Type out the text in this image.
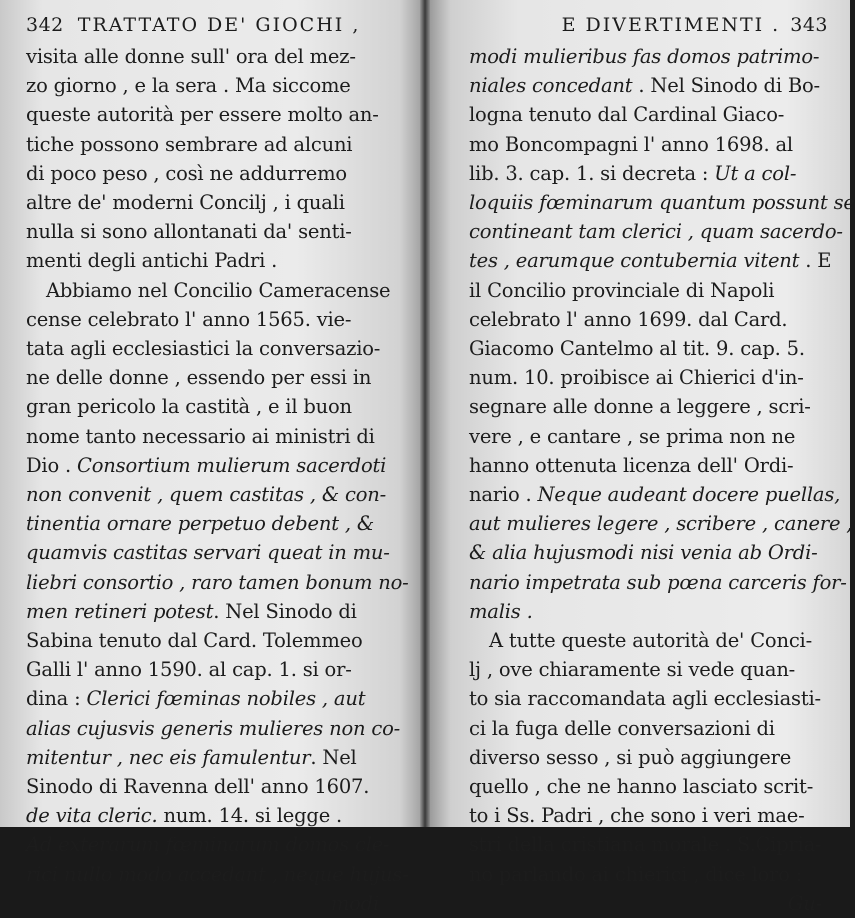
342 TRATTATO DE' GIOCHI ,
visita alle donne sull' ora del mez-
zo giorno , e la sera . Ma siccome
queste autorità per essere molto an-
tiche possono sembrare ad alcuni
di poco peso , così ne addurremo
altre de' moderni Concilj , i quali
nulla si sono allontanati da' senti-
menti degli antichi Padri .
Abbiamo nel Concilio Cameracense
cense celebrato l' anno 1565. vie-
tata agli ecclesiastici la conversazio-
ne delle donne , essendo per essi in
gran pericolo la castità , e il buon
nome tanto necessario ai ministri di
Dio . Consortium mulierum sacerdoti
non convenit , quem castitas , & con-
tinentia ornare perpetuo debent , &
quamvis castitas servari queat in mu-
liebri consortio , raro tamen bonum no-
men retineri potest. Nel Sinodo di
Sabina tenuto dal Card. Tolemmeo
Galli l' anno 1590. al cap. 1. si or-
dina : Clerici fœminas nobiles , aut
alias cujusvis generis mulieres non co-
mitentur , nec eis famulentur. Nel
Sinodo di Ravenna dell' anno 1607.
de vita cleric. num. 14. si legge .
Ad exterarum fœminarum domos cle-
rici nullo modo accedant , neque hujus-
modi
E DIVERTIMENTI . 343
modi mulieribus fas domos patrimo-
niales concedant . Nel Sinodo di Bo-
logna tenuto dal Cardinal Giaco-
mo Boncompagni l' anno 1698. al
lib. 3. cap. 1. si decreta : Ut a col-
loquiis fœminarum quantum possunt se
contineant tam clerici , quam sacerdo-
tes , earumque contubernia vitent . E
il Concilio provinciale di Napoli
celebrato l' anno 1699. dal Card.
Giacomo Cantelmo al tit. 9. cap. 5.
num. 10. proibisce ai Chierici d'in-
segnare alle donne a leggere , scri-
vere , e cantare , se prima non ne
hanno ottenuta licenza dell' Ordi-
nario . Neque audeant docere puellas,
aut mulieres legere , scribere , canere ,
& alia hujusmodi nisi venia ab Ordi-
nario impetrata sub pœna carceris for-
malis .
A tutte queste autorità de' Conci-
lj , ove chiaramente si vede quan-
to sia raccomandata agli ecclesiasti-
ci la fuga delle conversazioni di
diverso sesso , si può aggiungere
quello , che ne hanno lasciato scrit-
to i Ss. Padri , che sono i veri mae-
stri della cristiana morale . S.Cipria-
no parlando ai chierici , dice loro :
Gu-
